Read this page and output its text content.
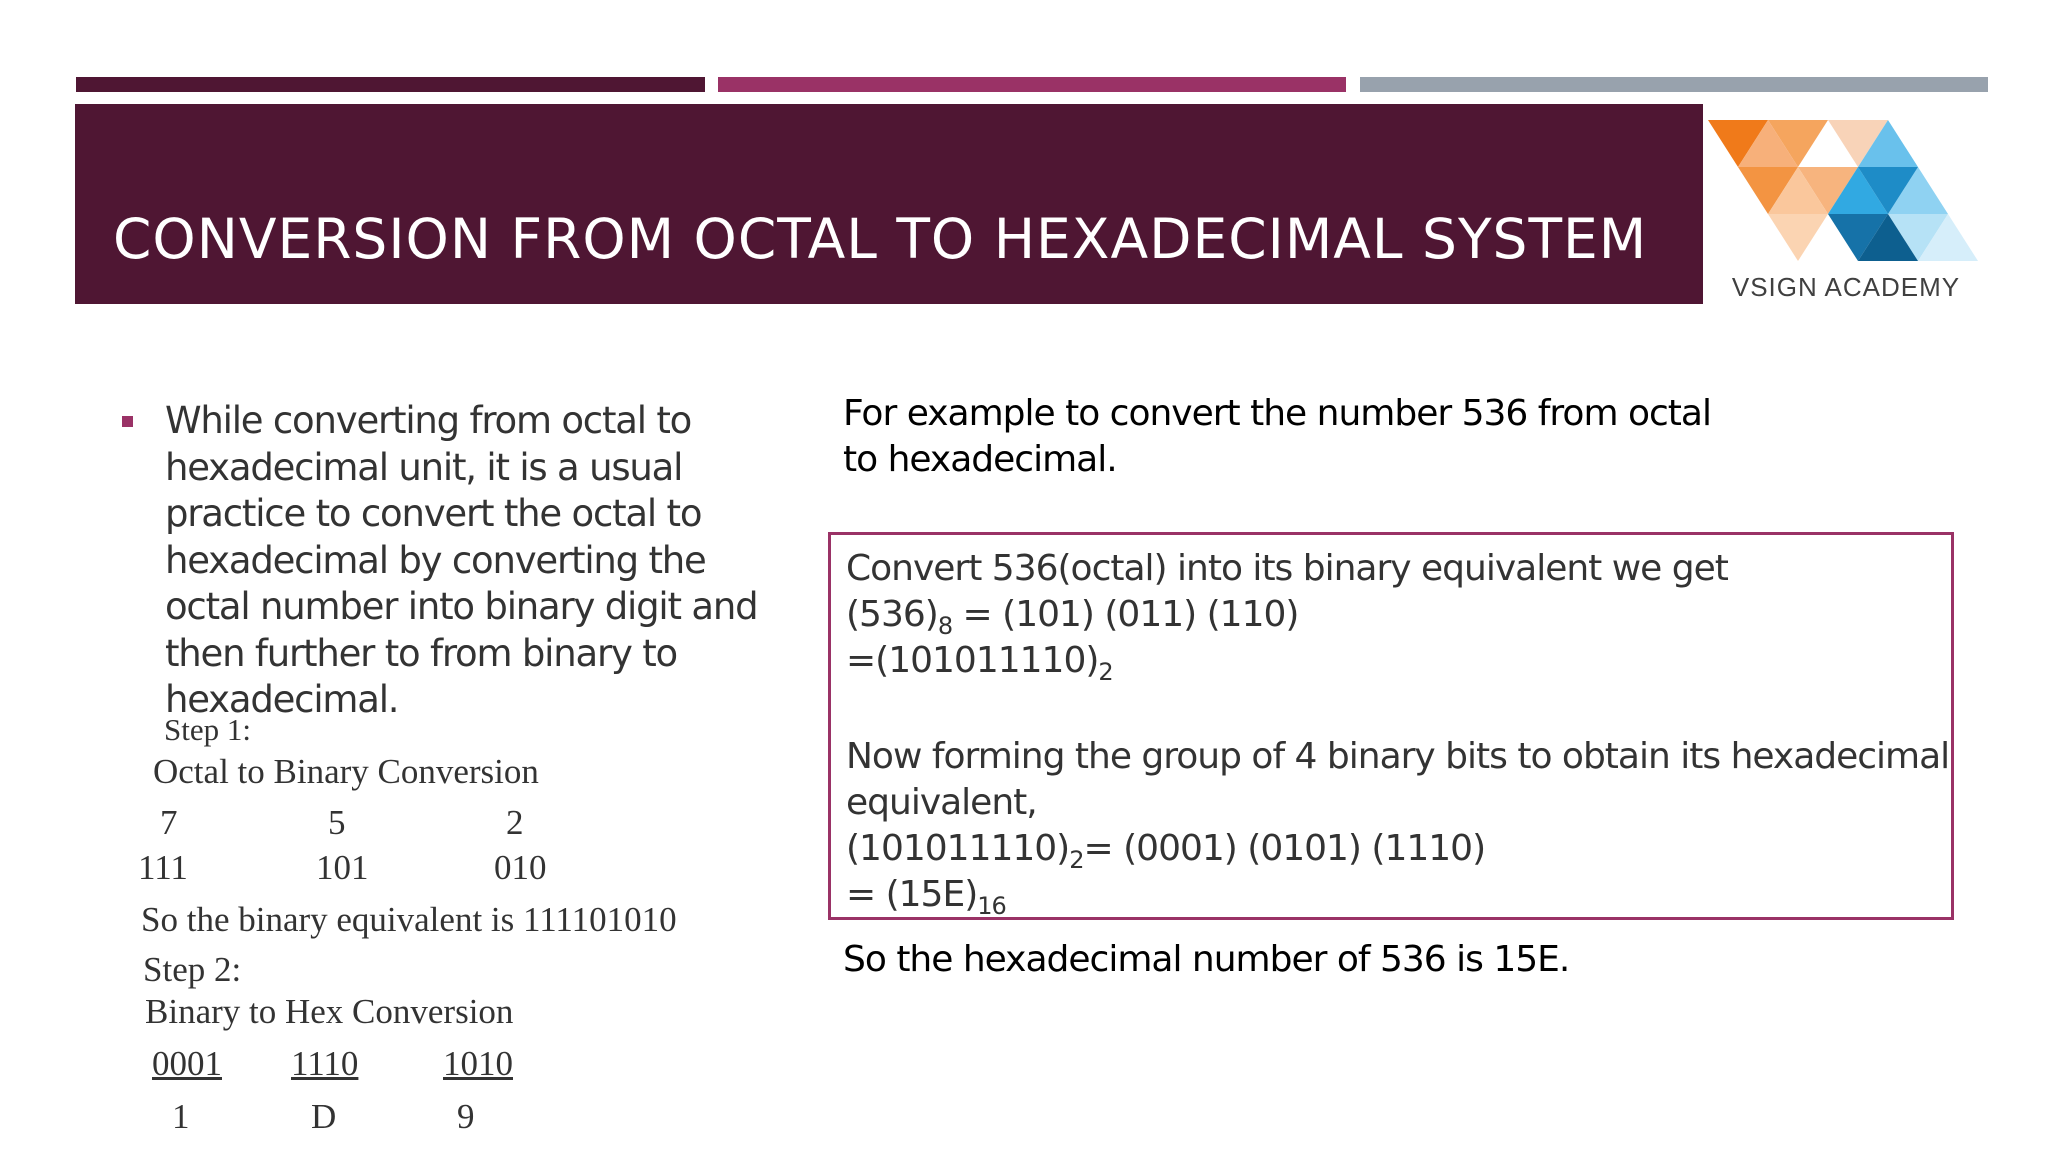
CONVERSION FROM OCTAL TO HEXADECIMAL SYSTEM
VSIGN ACADEMY

While converting from octal to hexadecimal unit, it is a usual practice to convert the octal to hexadecimal by converting the octal number into binary digit and then further to from binary to hexadecimal.

Step 1:
Octal to Binary Conversion
7	5	2
111	101	010
So the binary equivalent is 111101010
Step 2:
Binary to Hex Conversion
0001 1110 1010
1	D	9

For example to convert the number 536 from octal to hexadecimal.

Convert 536(octal) into its binary equivalent we get
$(536)_8 = (101)$ (011) (110)
$=(101011110)_2$
Now forming the group of 4 binary bits to obtain its hexadecimal
equivalent,
$(101011110)_2= (0001)$ (0101) (1110)
= $(15E)_{16}$

So the hexadecimal number of 536 is 15E.
